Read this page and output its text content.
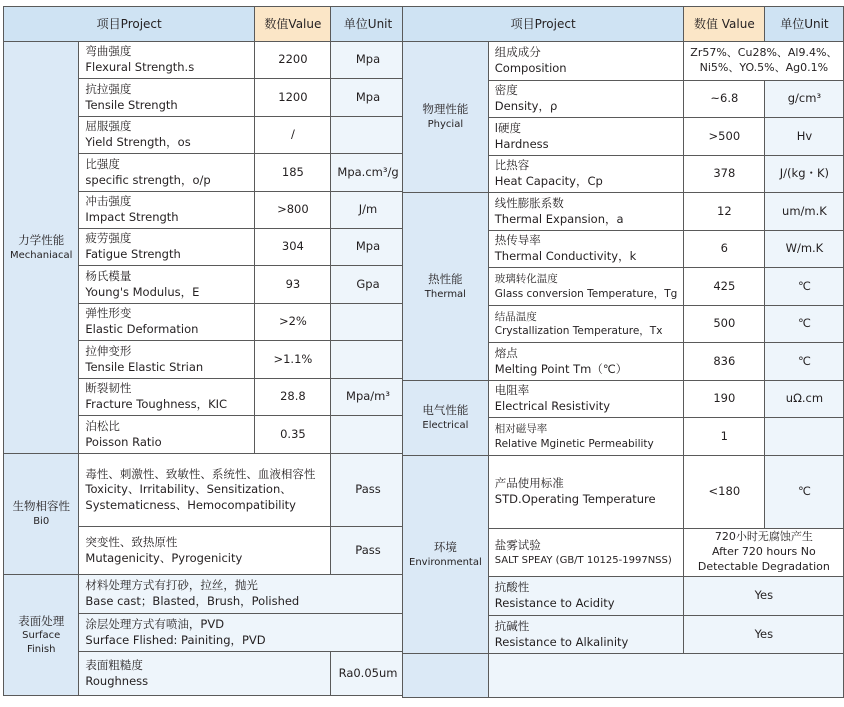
项目Project		数值Value	单位Unit

力学性能
Mechaniacal	弯曲强度
Flexural Strength.s	2200	Mpa

	抗拉强度
Tensile Strength	1200	Mpa

	屈服强度
Yield Strength，os	/	

	比强度
specific strength，o/p	185	Mpa.cm³/g

	冲击强度
Impact Strength	>800	J/m

	疲劳强度
Fatigue Strength	304	Mpa

	杨氏模量
Young's Modulus，E	93	Gpa

	弹性形变
Elastic Deformation	>2%	

	拉伸变形
Tensile Elastic Strian	>1.1%	

	断裂韧性
Fracture Toughness，KIC	28.8	Mpa/m³

	泊松比
Poisson Ratio	0.35	

生物相容性
Bi0	毒性、刺激性、致敏性、系统性、血液相容性
Toxicity、Irritability、Sensitization、
Systematicness、Hemocompatibility		Pass

	突变性、致热原性
Mutagenicity、Pyrogenicity		Pass

表面处理
Surface
Finish	材料处理方式有打砂，拉丝，抛光
Base cast；Blasted，Brush，Polished		

	涂层处理方式有喷油，PVD
Surface Flished: Painiting，PVD		

	表面粗糙度
Roughness		Ra0.05um
项目Project		数值 Value	单位Unit

物理性能
Phycial	组成成分
Composition	Zr57%、Cu28%、Al9.4%、
Ni5%、YO.5%、Ag0.1%	

	密度
Density，ρ	~6.8	g/cm³

	l硬度
Hardness	>500	Hv

	比热容
Heat Capacity，Cp	378	J/(kg・K)

热性能
Thermal	线性膨胀系数
Thermal Expansion，a	12	um/m.K

	热传导率
Thermal Conductivity，k	6	W/m.K

	玻璃转化温度
Glass conversion Temperature，Tg	425	℃

	结晶温度
Crystallization Temperature，Tx	500	℃

	熔点
Melting Point Tm（℃）	836	℃

电气性能
Electrical	电阻率
Electrical Resistivity	190	uΩ.cm

	相对磁导率
Relative Mginetic Permeability	1	

环境
Environmental	产品使用标准
STD.Operating Temperature	<180	℃

	盐雾试验
SALT SPEAY (GB/T 10125-1997NSS)	720小时无腐蚀产生
After 720 hours No
Detectable Degradation	

	抗酸性
Resistance to Acidity	Yes	

	抗碱性
Resistance to Alkalinity	Yes	
